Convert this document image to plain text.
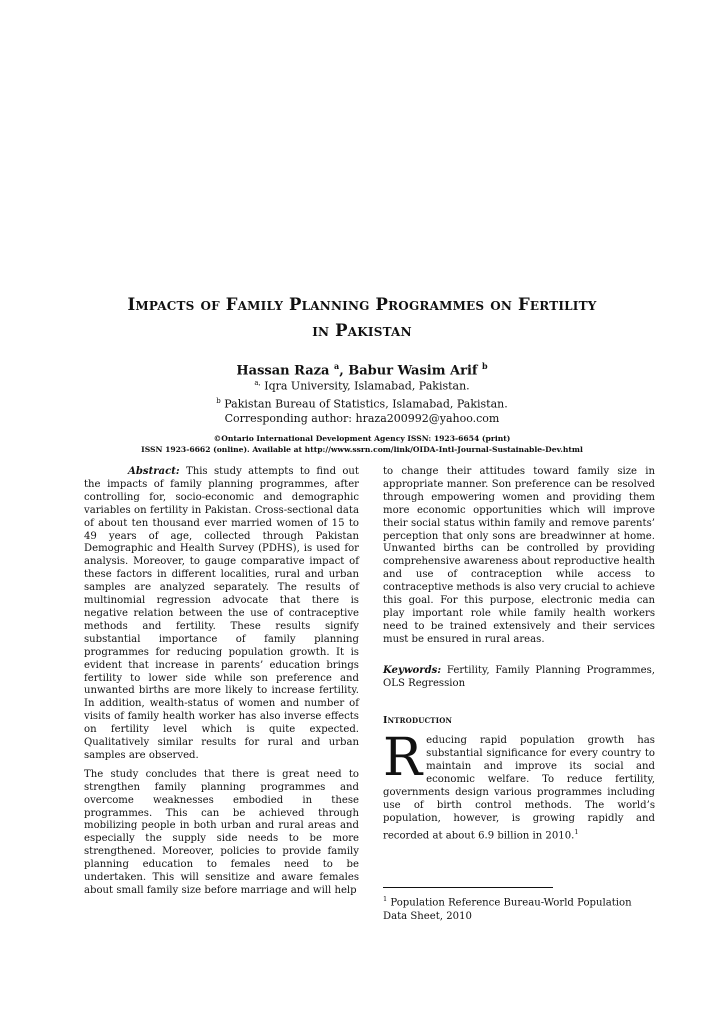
Impacts of Family Planning Programmes on Fertility
in Pakistan
Hassan Raza $^a$, Babur Wasim Arif $^b$
$^{a,}$ Iqra University, Islamabad, Pakistan.
$^b$ Pakistan Bureau of Statistics, Islamabad, Pakistan.
Corresponding author: hraza200992@yahoo.com
©Ontario International Development Agency ISSN: 1923-6654 (print)
ISSN 1923-6662 (online). Available at http://www.ssrn.com/link/OIDA-Intl-Journal-Sustainable-Dev.html

Abstract: This study attempts to find out the impacts of family planning programmes, after controlling for, socio-economic and demographic variables on fertility in Pakistan. Cross-sectional data of about ten thousand ever married women of 15 to 49 years of age, collected through Pakistan Demographic and Health Survey (PDHS), is used for analysis. Moreover, to gauge comparative impact of these factors in different localities, rural and urban samples are analyzed separately. The results of multinomial regression advocate that there is negative relation between the use of contraceptive methods and fertility. These results signify substantial importance of family planning programmes for reducing population growth. It is evident that increase in parents’ education brings fertility to lower side while son preference and unwanted births are more likely to increase fertility. In addition, wealth-status of women and number of visits of family health worker has also inverse effects on fertility level which is quite expected. Qualitatively similar results for rural and urban samples are observed.

The study concludes that there is great need to strengthen family planning programmes and overcome weaknesses embodied in these programmes. This can be achieved through mobilizing people in both urban and rural areas and especially the supply side needs to be more strengthened. Moreover, policies to provide family planning education to females need to be undertaken. This will sensitize and aware females about small family size before marriage and will help

to change their attitudes toward family size in appropriate manner. Son preference can be resolved through empowering women and providing them more economic opportunities which will improve their social status within family and remove parents’ perception that only sons are breadwinner at home. Unwanted births can be controlled by providing comprehensive awareness about reproductive health and use of contraception while access to contraceptive methods is also very crucial to achieve this goal. For this purpose, electronic media can play important role while family health workers need to be trained extensively and their services must be ensured in rural areas.

Keywords: Fertility, Family Planning Programmes, OLS Regression

Introduction

Reducing rapid population growth has substantial significance for every country to maintain and improve its social and economic welfare. To reduce fertility, governments design various programmes including use of birth control methods. The world’s population, however, is growing rapidly and recorded at about 6.9 billion in 2010.$^1$

$^1$ Population Reference Bureau-World Population Data Sheet, 2010
